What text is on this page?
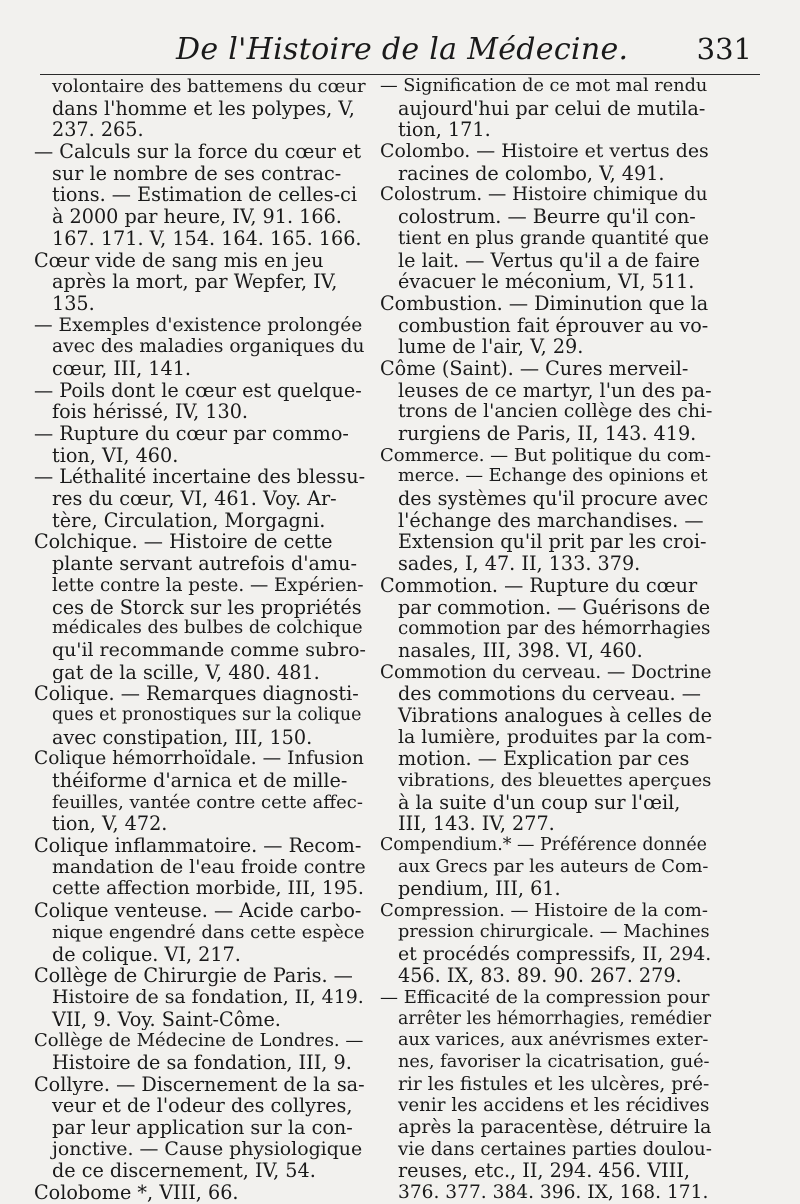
De l'Histoire de la Médecine. 331
volontaire des battemens du cœur
dans l'homme et les polypes, V,
237. 265.
— Calculs sur la force du cœur et
sur le nombre de ses contrac-
tions. — Estimation de celles-ci
à 2000 par heure, IV, 91. 166.
167. 171. V, 154. 164. 165. 166.
Cœur vide de sang mis en jeu
après la mort, par Wepfer, IV,
135.
— Exemples d'existence prolongée
avec des maladies organiques du
cœur, III, 141.
— Poils dont le cœur est quelque-
fois hérissé, IV, 130.
— Rupture du cœur par commo-
tion, VI, 460.
— Léthalité incertaine des blessu-
res du cœur, VI, 461. Voy. Ar-
tère, Circulation, Morgagni.
Colchique. — Histoire de cette
plante servant autrefois d'amu-
lette contre la peste. — Expérien-
ces de Storck sur les propriétés
médicales des bulbes de colchique
qu'il recommande comme subro-
gat de la scille, V, 480. 481.
Colique. — Remarques diagnosti-
ques et pronostiques sur la colique
avec constipation, III, 150.
Colique hémorrhoïdale. — Infusion
théiforme d'arnica et de mille-
feuilles, vantée contre cette affec-
tion, V, 472.
Colique inflammatoire. — Recom-
mandation de l'eau froide contre
cette affection morbide, III, 195.
Colique venteuse. — Acide carbo-
nique engendré dans cette espèce
de colique. VI, 217.
Collège de Chirurgie de Paris. —
Histoire de sa fondation, II, 419.
VII, 9. Voy. Saint-Côme.
Collège de Médecine de Londres. —
Histoire de sa fondation, III, 9.
Collyre. — Discernement de la sa-
veur et de l'odeur des collyres,
par leur application sur la con-
jonctive. — Cause physiologique
de ce discernement, IV, 54.
Colobome *, VIII, 66.
— Signification de ce mot mal rendu
aujourd'hui par celui de mutila-
tion, 171.
Colombo. — Histoire et vertus des
racines de colombo, V, 491.
Colostrum. — Histoire chimique du
colostrum. — Beurre qu'il con-
tient en plus grande quantité que
le lait. — Vertus qu'il a de faire
évacuer le méconium, VI, 511.
Combustion. — Diminution que la
combustion fait éprouver au vo-
lume de l'air, V, 29.
Côme (Saint). — Cures merveil-
leuses de ce martyr, l'un des pa-
trons de l'ancien collège des chi-
rurgiens de Paris, II, 143. 419.
Commerce. — But politique du com-
merce. — Echange des opinions et
des systèmes qu'il procure avec
l'échange des marchandises. —
Extension qu'il prit par les croi-
sades, I, 47. II, 133. 379.
Commotion. — Rupture du cœur
par commotion. — Guérisons de
commotion par des hémorrhagies
nasales, III, 398. VI, 460.
Commotion du cerveau. — Doctrine
des commotions du cerveau. —
Vibrations analogues à celles de
la lumière, produites par la com-
motion. — Explication par ces
vibrations, des bleuettes aperçues
à la suite d'un coup sur l'œil,
III, 143. IV, 277.
Compendium.* — Préférence donnée
aux Grecs par les auteurs de Com-
pendium, III, 61.
Compression. — Histoire de la com-
pression chirurgicale. — Machines
et procédés compressifs, II, 294.
456. IX, 83. 89. 90. 267. 279.
— Efficacité de la compression pour
arrêter les hémorrhagies, remédier
aux varices, aux anévrismes exter-
nes, favoriser la cicatrisation, gué-
rir les fistules et les ulcères, pré-
venir les accidens et les récidives
après la paracentèse, détruire la
vie dans certaines parties doulou-
reuses, etc., II, 294. 456. VIII,
376. 377. 384. 396. IX, 168. 171.
